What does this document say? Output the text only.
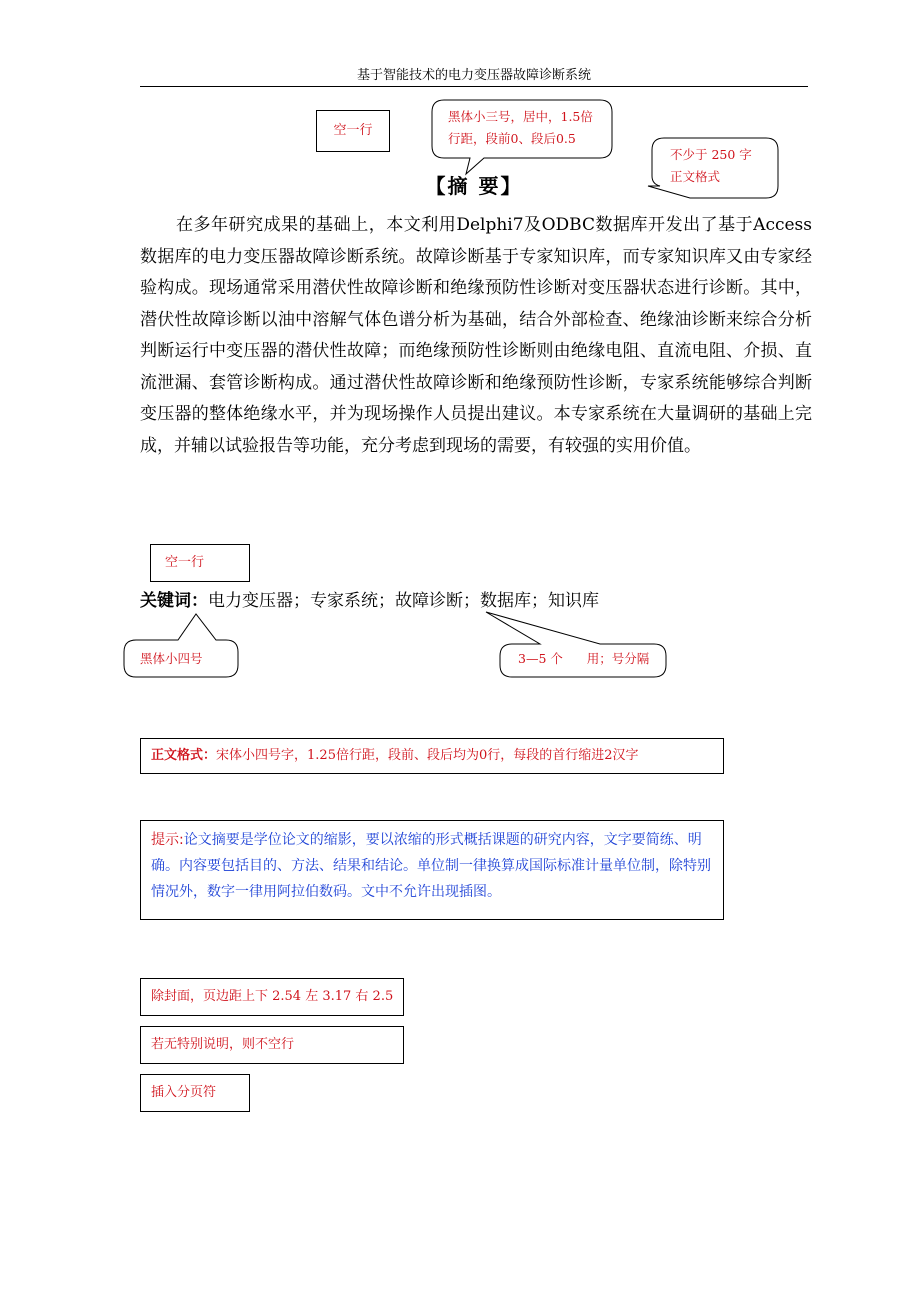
基于智能技术的电力变压器故障诊断系统
空一行
黑体小三号，居中，1.5倍
行距，段前0、段后0.5
不少于 250 字
正文格式
【摘 要】
在多年研究成果的基础上，本文利用Delphi7及ODBC数据库开发出了基于Access数据库的电力变压器故障诊断系统。故障诊断基于专家知识库，而专家知识库又由专家经验构成。现场通常采用潜伏性故障诊断和绝缘预防性诊断对变压器状态进行诊断。其中，潜伏性故障诊断以油中溶解气体色谱分析为基础，结合外部检查、绝缘油诊断来综合分析判断运行中变压器的潜伏性故障；而绝缘预防性诊断则由绝缘电阻、直流电阻、介损、直流泄漏、套管诊断构成。通过潜伏性故障诊断和绝缘预防性诊断，专家系统能够综合判断变压器的整体绝缘水平，并为现场操作人员提出建议。本专家系统在大量调研的基础上完成，并辅以试验报告等功能，充分考虑到现场的需要，有较强的实用价值。
空一行
关键词：电力变压器；专家系统；故障诊断；数据库；知识库
黑体小四号	3—5 个      用；号分隔
正文格式：宋体小四号字，1.25倍行距，段前、段后均为0行，每段的首行缩进2汉字
提示:论文摘要是学位论文的缩影，要以浓缩的形式概括课题的研究内容，文字要简练、明确。内容要包括目的、方法、结果和结论。单位制一律换算成国际标准计量单位制，除特别情况外，数字一律用阿拉伯数码。文中不允许出现插图。
除封面，页边距上下 2.54 左 3.17 右 2.5
若无特别说明，则不空行
插入分页符
